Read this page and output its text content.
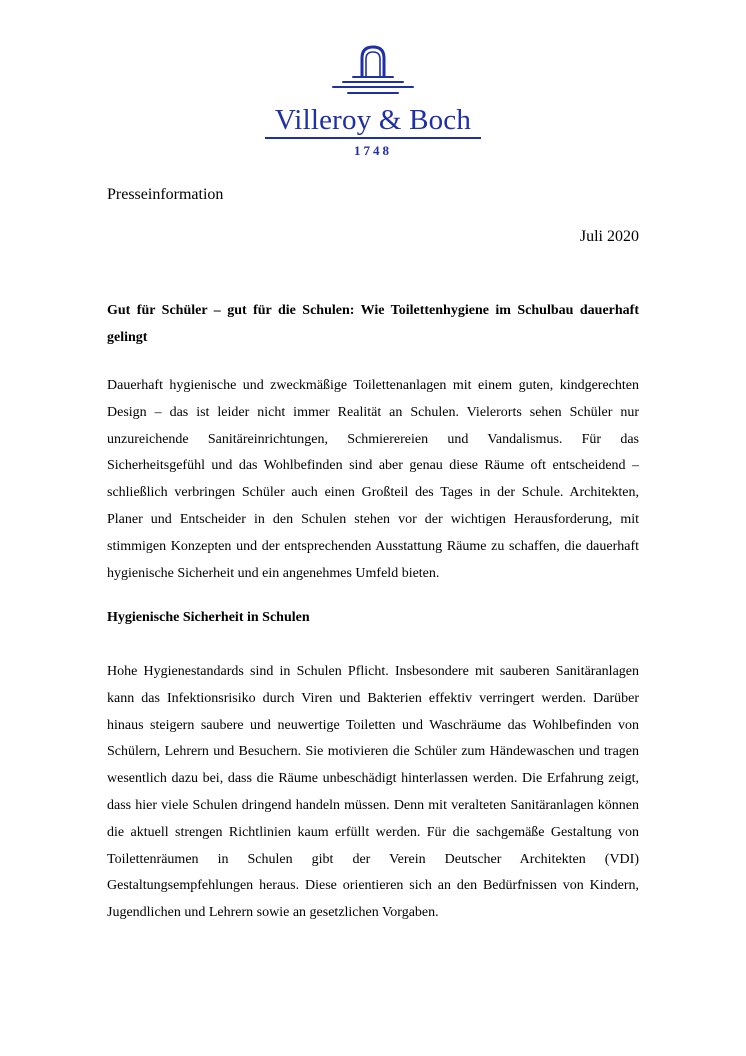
Villeroy & Boch
1748
Presseinformation
Juli 2020
Gut für Schüler – gut für die Schulen: Wie Toilettenhygiene im Schulbau dauerhaft gelingt
Dauerhaft hygienische und zweckmäßige Toilettenanlagen mit einem guten, kindgerechten Design – das ist leider nicht immer Realität an Schulen. Vielerorts sehen Schüler nur unzureichende Sanitäreinrichtungen, Schmierereien und Vandalismus. Für das Sicherheitsgefühl und das Wohlbefinden sind aber genau diese Räume oft entscheidend – schließlich verbringen Schüler auch einen Großteil des Tages in der Schule. Architekten, Planer und Entscheider in den Schulen stehen vor der wichtigen Herausforderung, mit stimmigen Konzepten und der entsprechenden Ausstattung Räume zu schaffen, die dauerhaft hygienische Sicherheit und ein angenehmes Umfeld bieten.
Hygienische Sicherheit in Schulen
Hohe Hygienestandards sind in Schulen Pflicht. Insbesondere mit sauberen Sanitäranlagen kann das Infektionsrisiko durch Viren und Bakterien effektiv verringert werden. Darüber hinaus steigern saubere und neuwertige Toiletten und Waschräume das Wohlbefinden von Schülern, Lehrern und Besuchern. Sie motivieren die Schüler zum Händewaschen und tragen wesentlich dazu bei, dass die Räume unbeschädigt hinterlassen werden. Die Erfahrung zeigt, dass hier viele Schulen dringend handeln müssen. Denn mit veralteten Sanitäranlagen können die aktuell strengen Richtlinien kaum erfüllt werden. Für die sachgemäße Gestaltung von Toilettenräumen in Schulen gibt der Verein Deutscher Architekten (VDI) Gestaltungsempfehlungen heraus. Diese orientieren sich an den Bedürfnissen von Kindern, Jugendlichen und Lehrern sowie an gesetzlichen Vorgaben.
